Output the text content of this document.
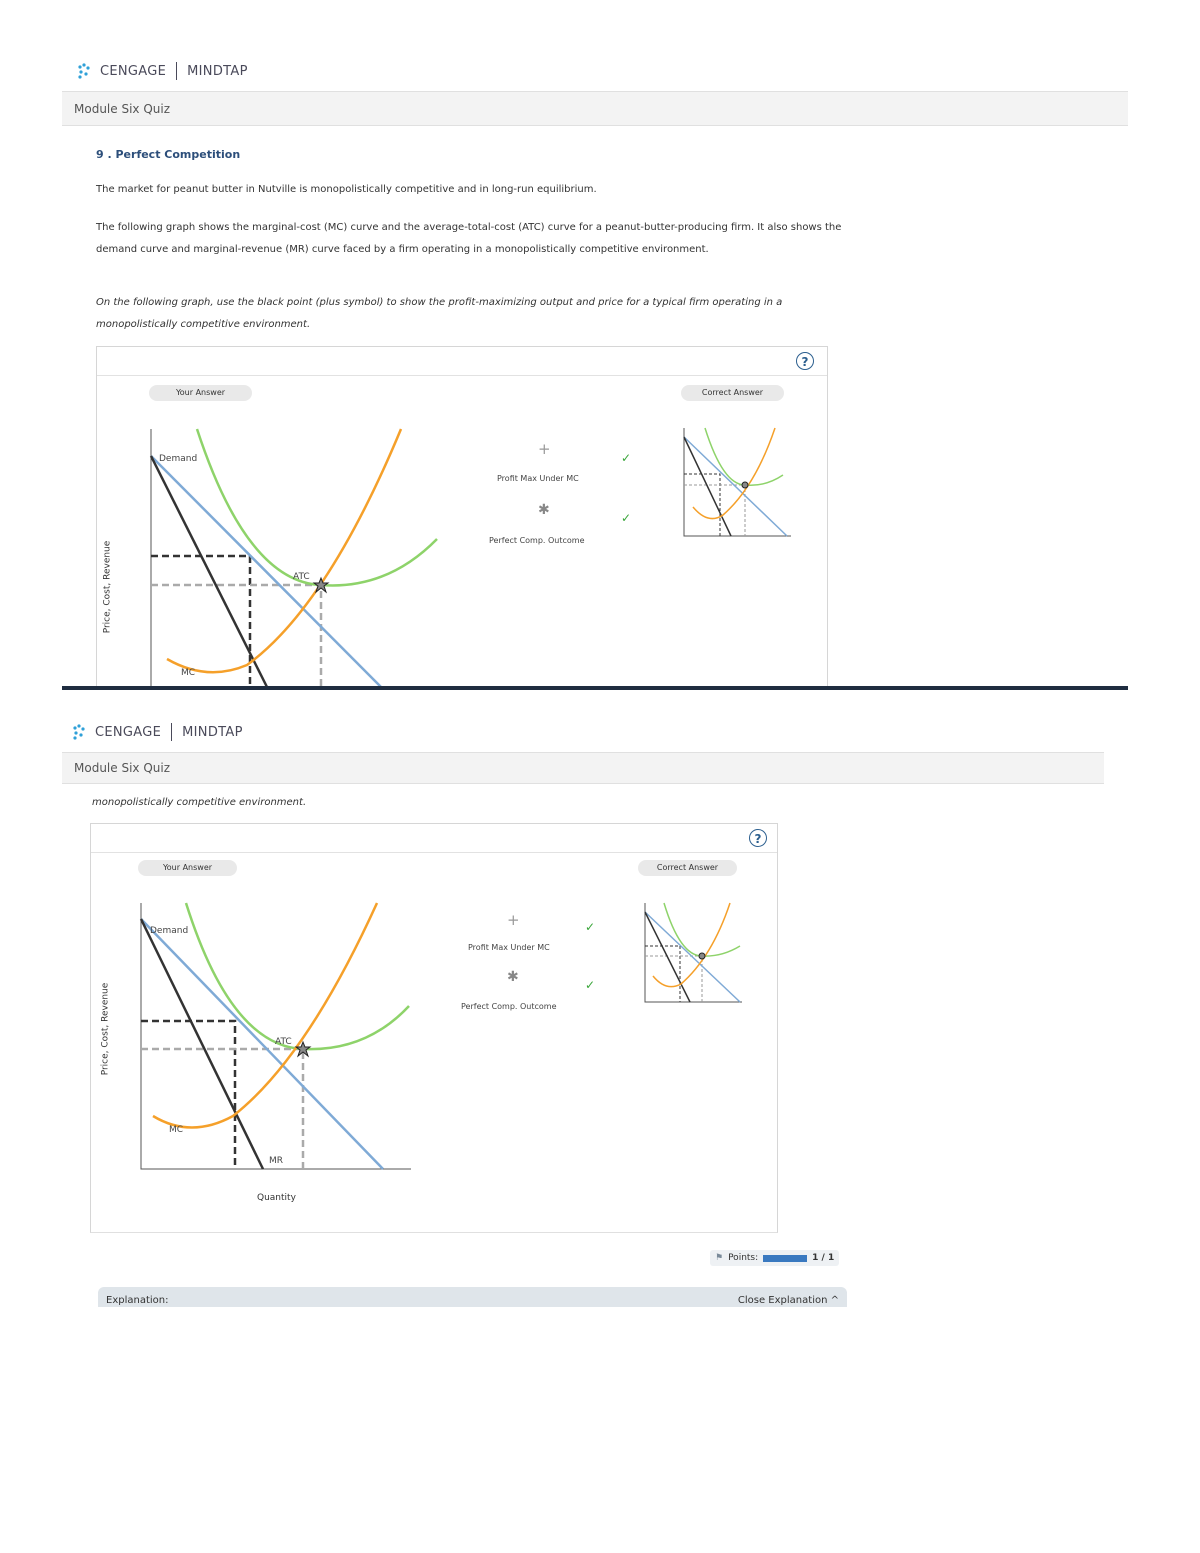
CENGAGE MINDTAP
Module Six Quiz
9 . Perfect Competition
The market for peanut butter in Nutville is monopolistically competitive and in long-run equilibrium.
The following graph shows the marginal-cost (MC) curve and the average-total-cost (ATC) curve for a peanut-butter-producing firm. It also shows the
demand curve and marginal-revenue (MR) curve faced by a firm operating in a monopolistically competitive environment.
On the following graph, use the black point (plus symbol) to show the profit-maximizing output and price for a typical firm operating in a
monopolistically competitive environment.
?
Your Answer	Correct Answer
Demand
ATC
MC
Price, Cost, Revenue
+	✓
Profit Max Under MC
✱	✓
Perfect Comp. Outcome
CENGAGE MINDTAP
Module Six Quiz
monopolistically competitive environment.
?
Your Answer	Correct Answer
Demand
ATC
MC
MR
Quantity
Price, Cost, Revenue
+	✓
Profit Max Under MC
✱	✓
Perfect Comp. Outcome
⚑ Points:	1 / 1
Explanation:	Close Explanation ^
